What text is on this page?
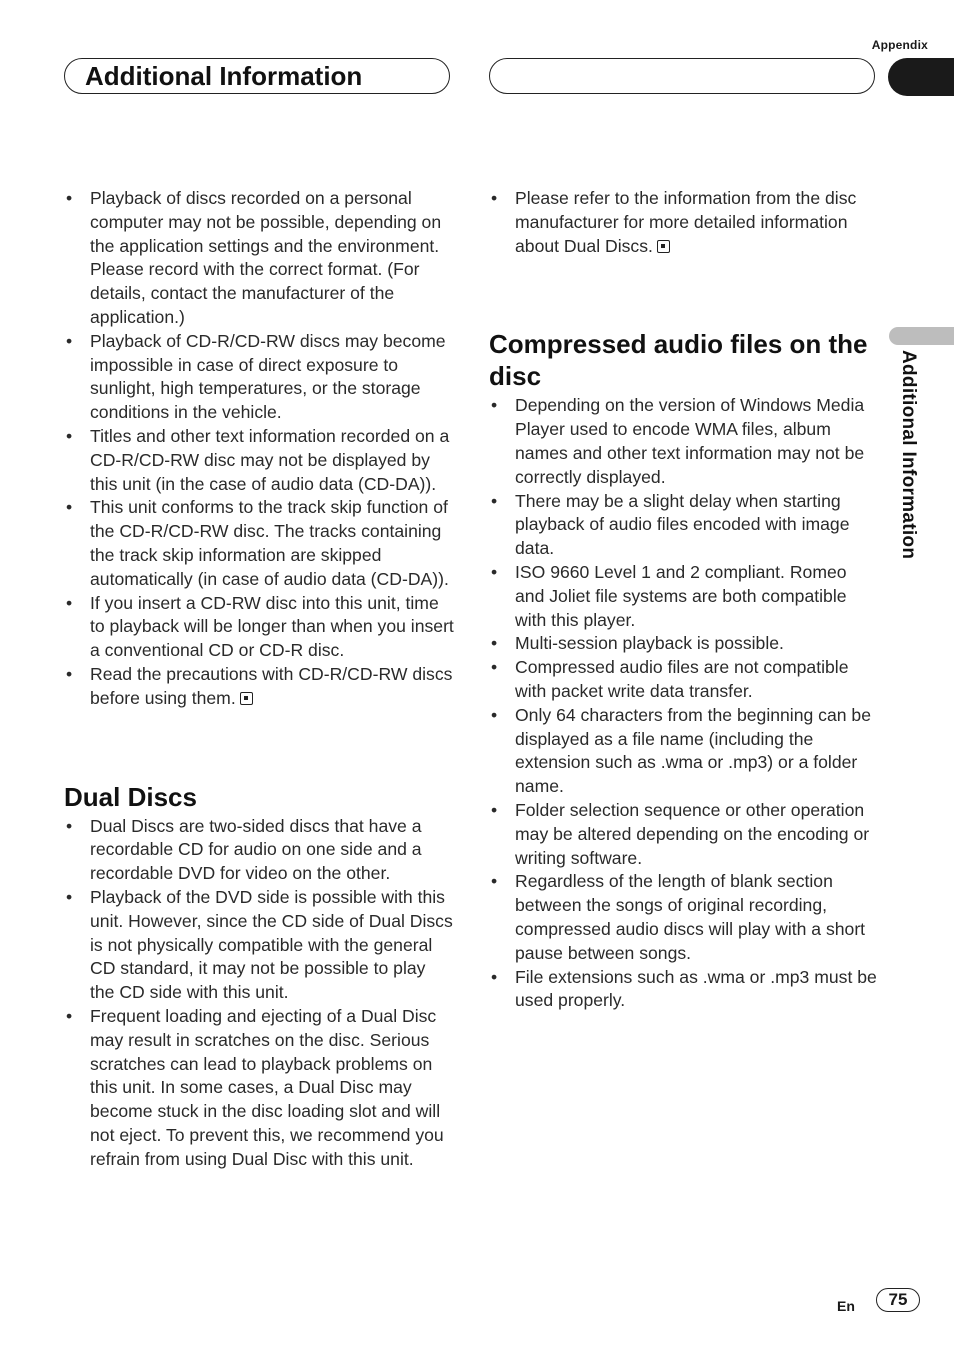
Appendix
Additional Information
Additional Information
• Playback of discs recorded on a personal computer may not be possible, depending on the application settings and the environment. Please record with the correct format. (For details, contact the manufacturer of the application.)
• Playback of CD-R/CD-RW discs may become impossible in case of direct exposure to sunlight, high temperatures, or the storage conditions in the vehicle.
• Titles and other text information recorded on a CD-R/CD-RW disc may not be displayed by this unit (in the case of audio data (CD-DA)).
• This unit conforms to the track skip function of the CD-R/CD-RW disc. The tracks containing the track skip information are skipped automatically (in case of audio data (CD-DA)).
• If you insert a CD-RW disc into this unit, time to playback will be longer than when you insert a conventional CD or CD-R disc.
• Read the precautions with CD-R/CD-RW discs before using them.
Dual Discs
• Dual Discs are two-sided discs that have a recordable CD for audio on one side and a recordable DVD for video on the other.
• Playback of the DVD side is possible with this unit. However, since the CD side of Dual Discs is not physically compatible with the general CD standard, it may not be possible to play the CD side with this unit.
• Frequent loading and ejecting of a Dual Disc may result in scratches on the disc. Serious scratches can lead to playback problems on this unit. In some cases, a Dual Disc may become stuck in the disc loading slot and will not eject. To prevent this, we recommend you refrain from using Dual Disc with this unit.
• Please refer to the information from the disc manufacturer for more detailed information about Dual Discs.
Compressed audio files on the disc
• Depending on the version of Windows Media Player used to encode WMA files, album names and other text information may not be correctly displayed.
• There may be a slight delay when starting playback of audio files encoded with image data.
• ISO 9660 Level 1 and 2 compliant. Romeo and Joliet file systems are both compatible with this player.
• Multi-session playback is possible.
• Compressed audio files are not compatible with packet write data transfer.
• Only 64 characters from the beginning can be displayed as a file name (including the extension such as .wma or .mp3) or a folder name.
• Folder selection sequence or other operation may be altered depending on the encoding or writing software.
• Regardless of the length of blank section between the songs of original recording, compressed audio discs will play with a short pause between songs.
• File extensions such as .wma or .mp3 must be used properly.
En	75
